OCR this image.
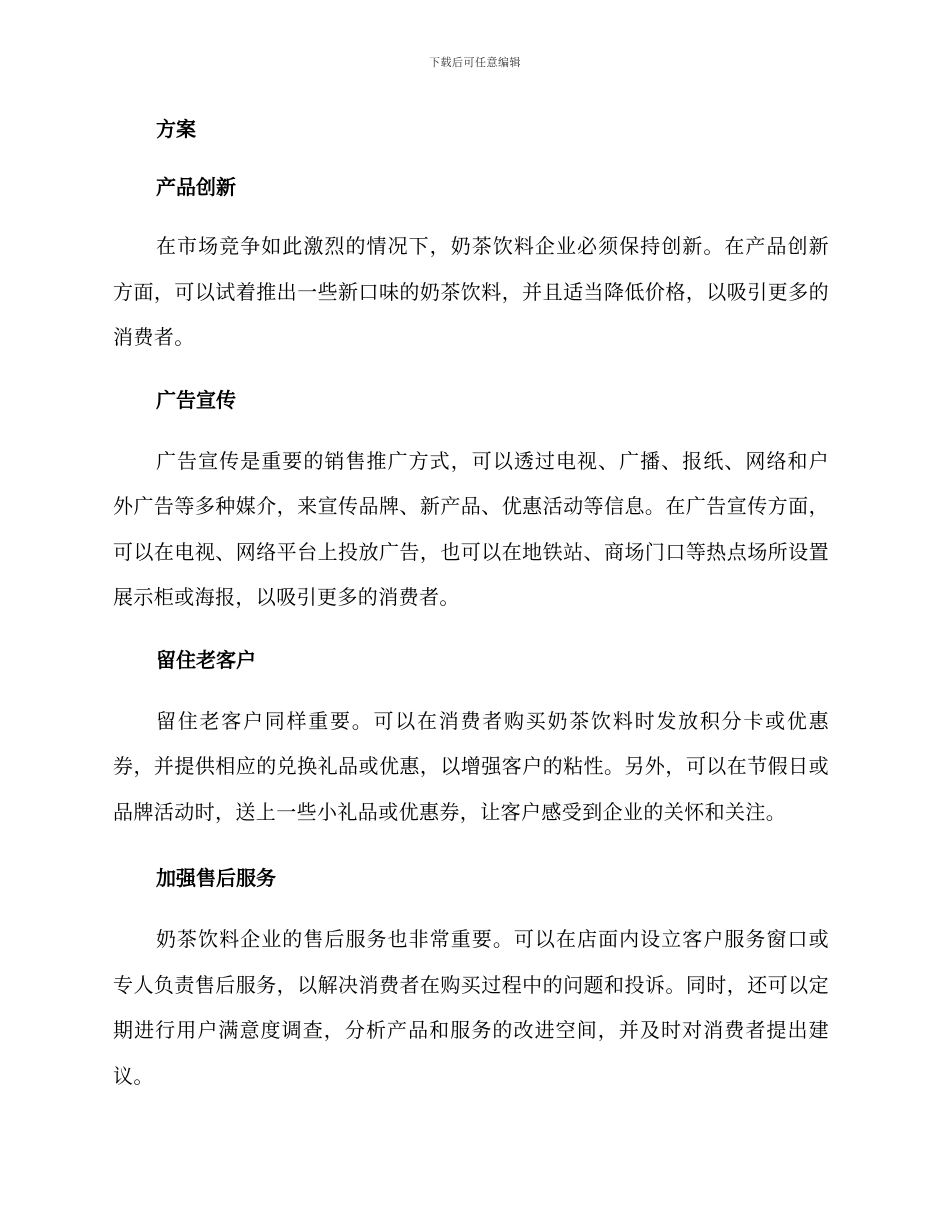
下载后可任意编辑
方案
产品创新

在市场竞争如此激烈的情况下，奶茶饮料企业必须保持创新。在产品创新方面，可以试着推出一些新口味的奶茶饮料，并且适当降低价格，以吸引更多的消费者。

广告宣传

广告宣传是重要的销售推广方式，可以透过电视、广播、报纸、网络和户外广告等多种媒介，来宣传品牌、新产品、优惠活动等信息。在广告宣传方面，可以在电视、网络平台上投放广告，也可以在地铁站、商场门口等热点场所设置展示柜或海报，以吸引更多的消费者。

留住老客户

留住老客户同样重要。可以在消费者购买奶茶饮料时发放积分卡或优惠券，并提供相应的兑换礼品或优惠，以增强客户的粘性。另外，可以在节假日或品牌活动时，送上一些小礼品或优惠券，让客户感受到企业的关怀和关注。

加强售后服务

奶茶饮料企业的售后服务也非常重要。可以在店面内设立客户服务窗口或专人负责售后服务，以解决消费者在购买过程中的问题和投诉。同时，还可以定期进行用户满意度调查，分析产品和服务的改进空间，并及时对消费者提出建议。
